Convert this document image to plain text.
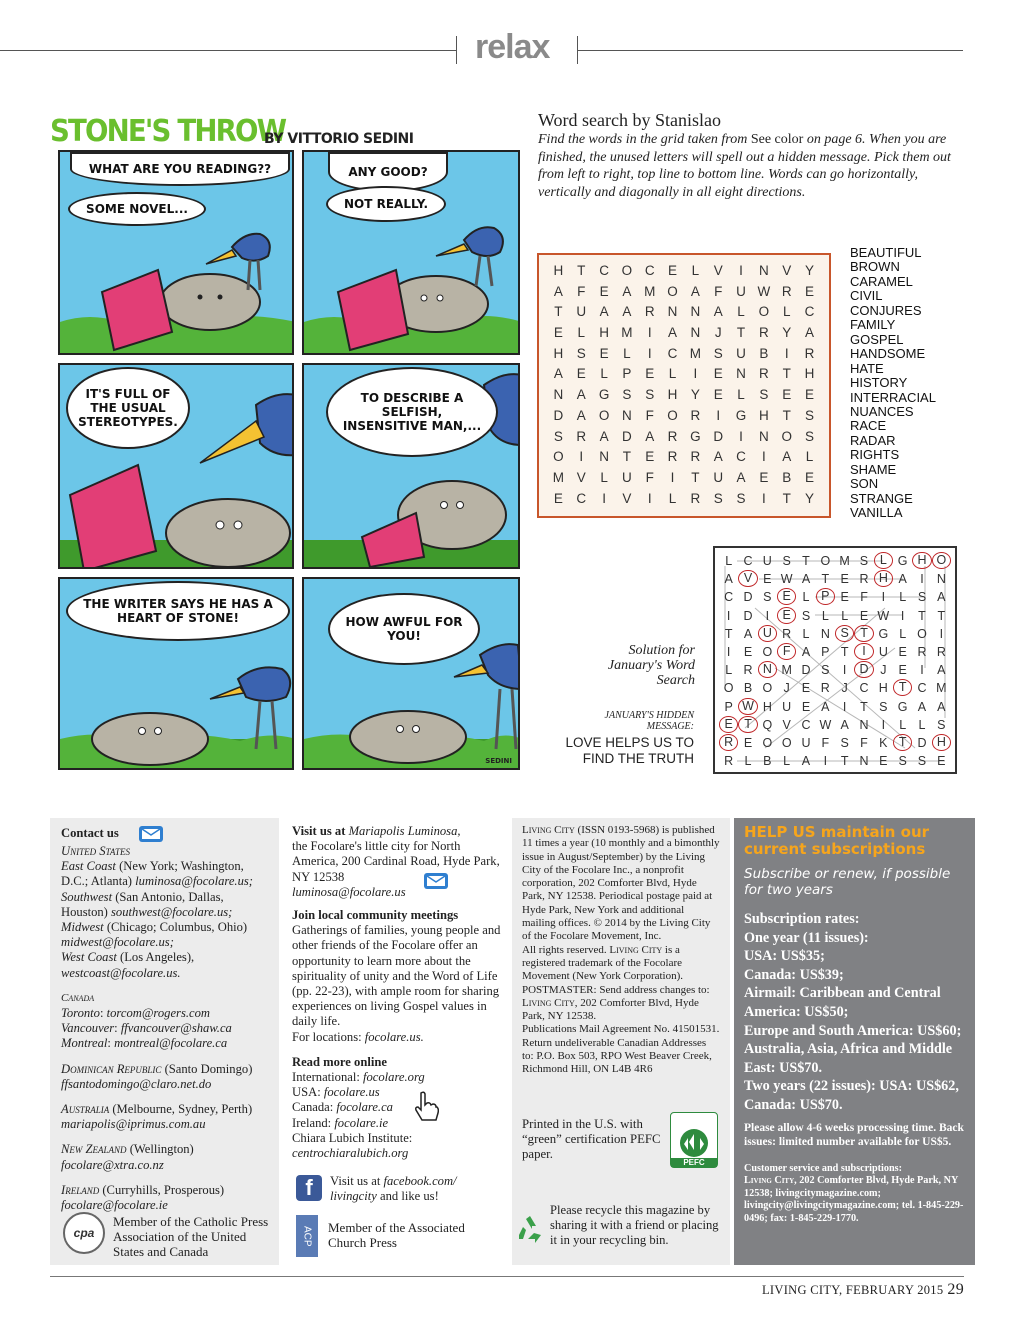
relax
STONE'S THROW
BY VITTORIO SEDINI
WHAT ARE YOU READING??
SOME NOVEL...
ANY GOOD?
NOT REALLY.
IT'S FULL OF THE USUAL STEREOTYPES.
TO DESCRIBE A SELFISH, INSENSITIVE MAN,...
THE WRITER SAYS HE HAS A HEART OF STONE!	HOW AWFUL FOR YOU!
SEDINI
Word search by Stanislao
Find the words in the grid taken from See color on page 6. When you are finished, the unused letters will spell out a hidden message. Pick them out from left to right, top line to bottom line. Words can go horizontally, vertically and diagonally in all eight directions.
H	T	C O C E	L	V	I	N V	Y
A	F	E	A M O A	F	U W R E
T	U A	A R N N A	L	O	L	C
E	L	H M	I	A N	J	T	R Y	A
H S	E	L	I	C M S U B	I	R
A	E	L	P	E	L	I	E N R	T	H
N A G S	S H Y	E	L	S	E	E
D A O N	F O R	I	G H	T	S
S R A D A R G D	I	N O S
O	I	N	T	E R R A C	I	A	L
M V	L	U	F	I	T	U A	E	B	E
E C	I	V	I	L	R S	S	I	T	Y
BEAUTIFUL
BROWN
CARAMEL
CIVIL
CONJURES
FAMILY
GOSPEL
HANDSOME
HATE
HISTORY
INTERRACIAL
NUANCES
RACE
RADAR
RIGHTS
SHAME
SON
STRANGE
VANILLA
Solution for January's Word Search
JANUARY'S HIDDEN MESSAGE:
LOVE HELPS US TO FIND THE TRUTH
L C U S T O M S L G H O
A V E W A T E R H A	I	N
C D S E L P E F	I	L S A
I	D	I	E S L L E W I	T T
T A U R L N S T G L O	I
I	E O F A P T	I	U E R R
L R N M D S	I	D J E	I	A
O B O J E R J C H T C M
P W H U E A	I	T S G A A
E T Q V C W A N	I	L L S
R E O O U F S F K T D H
R L B L A	I	T N E S S E

Contact us

United States

East Coast (New York; Washington, D.C.; Atlanta) luminosa@focolare.us;

Southwest (San Antonio, Dallas, Houston) southwest@focolare.us;

Midwest (Chicago; Columbus, Ohio) midwest@focolare.us;

West Coast (Los Angeles), westcoast@focolare.us.

Canada

Toronto: torcom@rogers.com

Vancouver: ffvancouver@shaw.ca

Montreal: montreal@focolare.ca

Dominican Republic (Santo Domingo)

ffsantodomingo@claro.net.do

Australia (Melbourne, Sydney, Perth)

mariapolis@iprimus.com.au

New Zealand (Wellington)

focolare@xtra.co.nz

Ireland (Curryhills, Prosperous)

focolare@focolare.ie

cpa
Member of the Catholic Press Association of the United States and Canada

Visit us at Mariapolis Luminosa,

the Focolare's little city for North America, 200 Cardinal Road, Hyde Park, NY 12538

luminosa@focolare.us

Join local community meetings

Gatherings of families, young people and other friends of the Focolare offer an opportunity to learn more about the spirituality of unity and the Word of Life (pp. 22-23), with ample room for sharing experiences on living Gospel values in daily life.

For locations: focolare.us.

Read more online

International: focolare.org

USA: focolare.us

Canada: focolare.ca

Ireland: focolare.ie

Chiara Lubich Institute:

centrochiaralubich.org

f	Visit us at facebook.com/ livingcity and like us!
ACP	Member of the Associated Church Press

Living City (ISSN 0193-5968) is published 11 times a year (10 monthly and a bimonthly issue in August/September) by the Living City of the Focolare Inc., a nonprofit corporation, 202 Comforter Blvd, Hyde Park, NY 12538. Periodical postage paid at Hyde Park, New York and additional mailing offices. © 2014 by the Living City of the Focolare Movement, Inc.

All rights reserved. Living City is a registered trademark of the Focolare Movement (New York Corporation).

POSTMASTER: Send address changes to: Living City, 202 Comforter Blvd, Hyde Park, NY 12538.

Publications Mail Agreement No. 41501531. Return undeliverable Canadian Addresses to: P.O. Box 503, RPO West Beaver Creek, Richmond Hill, ON L4B 4R6

Printed in the U.S. with “green” certification PEFC paper.
PEFC
Please recycle this magazine by sharing it with a friend or placing it in your recycling bin.
HELP US maintain our current subscriptions
Subscribe or renew, if possible for two years
Subscription rates:
One year (11 issues):
USA: US$35;
Canada: US$39;
Airmail: Caribbean and Central America: US$50;
Europe and South America: US$60;
Australia, Asia, Africa and Middle East: US$70.
Two years (22 issues): USA: US$62, Canada: US$70.
Please allow 4-6 weeks processing time. Back issues: limited number available for US$5.
Customer service and subscriptions:
Living City, 202 Comforter Blvd, Hyde Park, NY 12538; livingcitymagazine.com; livingcity@livingcitymagazine.com; tel. 1-845-229-0496; fax: 1-845-229-1770.
LIVING CITY, FEBRUARY 2015 29
